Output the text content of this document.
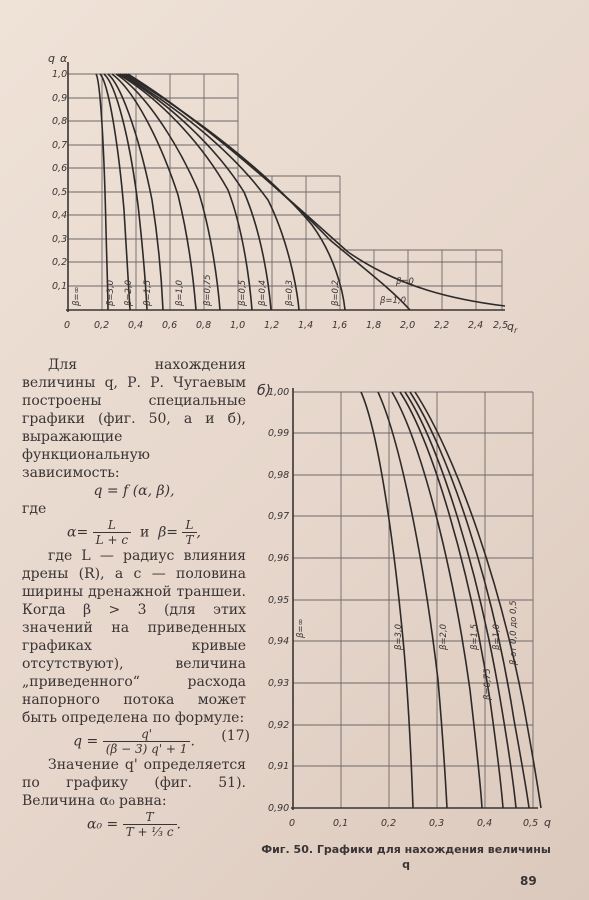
q α
1,0
0,9
0,8
0,7
0,6
0,5
0,4
0,3
0,2
0,1
0	0,2 0,4 0,6 0,8 1,0 1,2 1,4 1,6 1,8 2,0 2,2 2,4 2,5
q r
β=∞	β=3,0 β=2,0 β=1,5	β=1,0 β=0,75	β=0,5 β=0,4 β=0,3	β=0,2	β=0
β=1,0
б)
1,00
0,99
0,98
0,97
0,96
0,95
0,94
0,93
0,92
0,91
0,90
0	0,1	0,2	0,3	0,4	0,5 q
β=∞	β=3,0	β=2,0 β=1,5 β=1,0
β=0,75
β от 0,0 до 0,5

Для нахождения величины q, Р. Р. Чугаевым построены специальные графики (фиг. 50, а и б), выражающие функциональную зависимость:

q = f (α, β),

где

$\alpha= \frac{L}{L + c}$ и $\beta= \frac{L}{T}$ ,

где L — радиус влияния дрены (R), а c — половина ширины дренажной траншеи. Когда β > 3 (для этих значений на приведенных графиках кривые отсутствуют), величина „приведенного“ расхода напорного потока может быть определена по формуле:

$q = \frac{q'}{(\beta - 3) q' + 1}$ . (17)

Значение q' определяется по графику (фиг. 51). Величина α₀ равна:

$\alpha_0 = \frac{T}{\text{T + ⅓ c}}$ .

Фиг. 50. Графики для нахождения величины q
89
